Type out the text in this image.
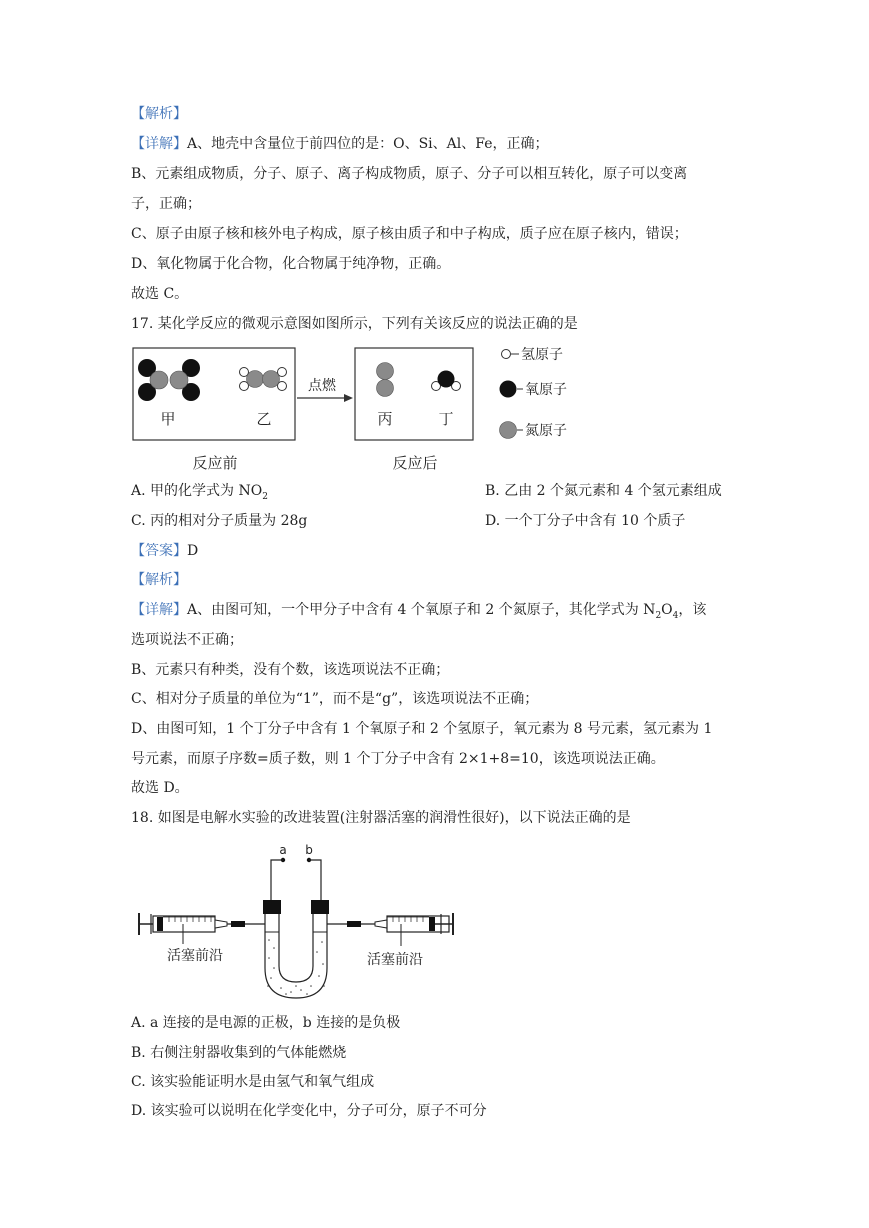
【解析】
【详解】A、地壳中含量位于前四位的是：O、Si、Al、Fe，正确；
B、元素组成物质，分子、原子、离子构成物质，原子、分子可以相互转化，原子可以变离
子，正确；
C、原子由原子核和核外电子构成，原子核由质子和中子构成，质子应在原子核内，错误；
D、氧化物属于化合物，化合物属于纯净物，正确。
故选 C。
17. 某化学反应的微观示意图如图所示，下列有关该反应的说法正确的是
甲	乙
点燃
丙	丁
反应前	反应后
氢原子
氧原子
氮原子
A. 甲的化学式为 $NO_2$	B. 乙由 2 个氮元素和 4 个氢元素组成
C. 丙的相对分子质量为 28g	D. 一个丁分子中含有 10 个质子
【答案】D
【解析】
【详解】A、由图可知，一个甲分子中含有 4 个氧原子和 2 个氮原子，其化学式为 $N_2O_4$，该
选项说法不正确；
B、元素只有种类，没有个数，该选项说法不正确；
C、相对分子质量的单位为“1”，而不是“g”，该选项说法不正确；
D、由图可知，1 个丁分子中含有 1 个氧原子和 2 个氢原子，氧元素为 8 号元素，氢元素为 1
号元素，而原子序数=质子数，则 1 个丁分子中含有 2×1+8=10，该选项说法正确。
故选 D。
18. 如图是电解水实验的改进装置(注射器活塞的润滑性很好)，以下说法正确的是
a b
活塞前沿	活塞前沿
A. a 连接的是电源的正极，b 连接的是负极
B. 右侧注射器收集到的气体能燃烧
C. 该实验能证明水是由氢气和氧气组成
D. 该实验可以说明在化学变化中，分子可分，原子不可分
